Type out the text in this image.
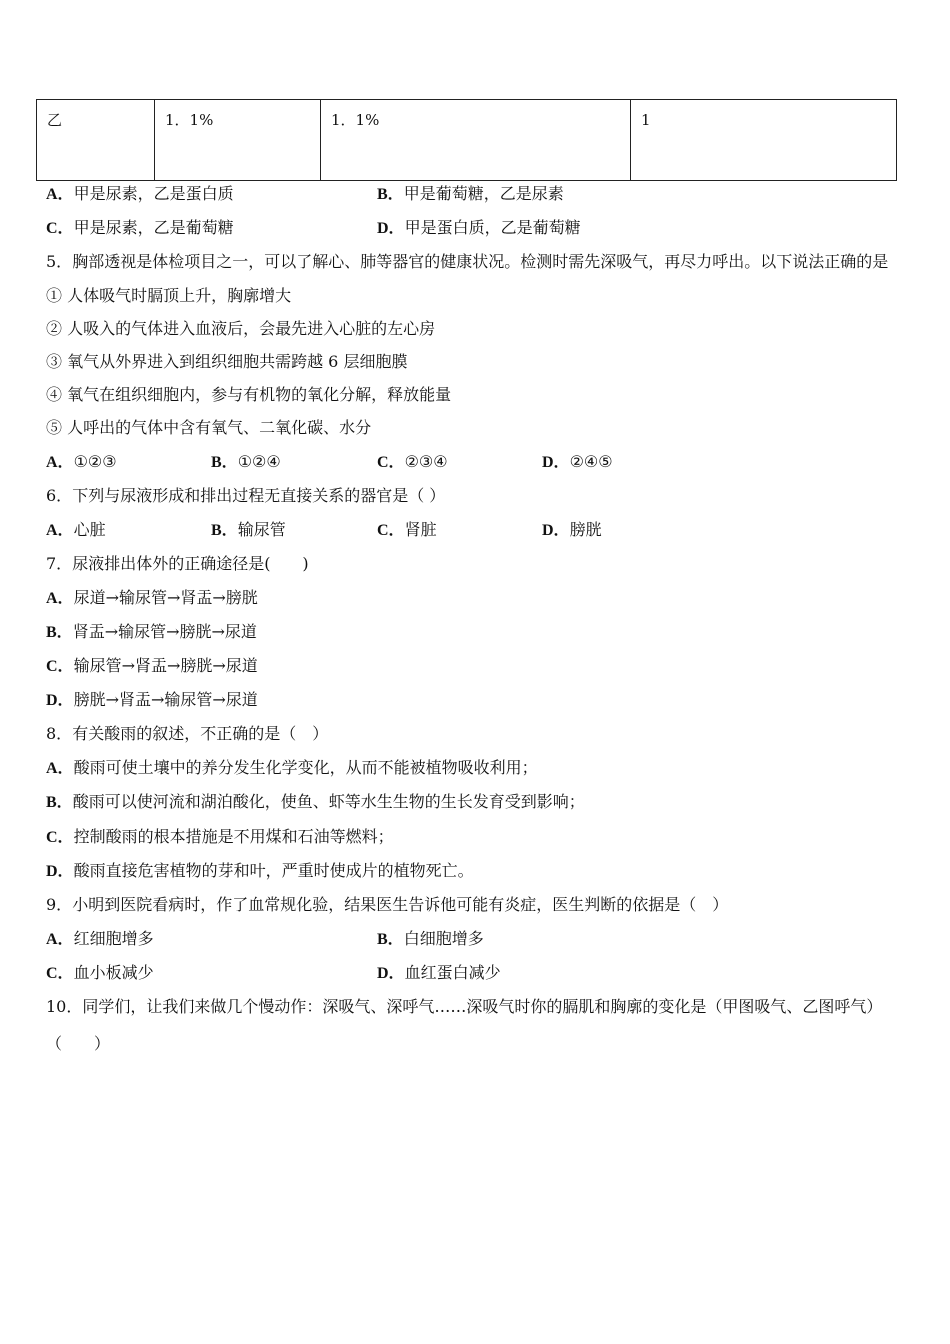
乙	1．1%	1．1%	1
A．甲是尿素，乙是蛋白质	B．甲是葡萄糖，乙是尿素
C．甲是尿素，乙是葡萄糖	D．甲是蛋白质，乙是葡萄糖
5．胸部透视是体检项目之一，可以了解心、肺等器官的健康状况。检测时需先深吸气，再尽力呼出。以下说法正确的是
① 人体吸气时膈顶上升，胸廓增大
② 人吸入的气体进入血液后，会最先进入心脏的左心房
③ 氧气从外界进入到组织细胞共需跨越 6 层细胞膜
④ 氧气在组织细胞内，参与有机物的氧化分解，释放能量
⑤ 人呼出的气体中含有氧气、二氧化碳、水分
A．①②③	B．①②④	C．②③④	D．②④⑤
6．下列与尿液形成和排出过程无直接关系的器官是（ ）
A．心脏	B．输尿管	C．肾脏	D．膀胱
7．尿液排出体外的正确途径是(　　)
A．尿道→输尿管→肾盂→膀胱
B．肾盂→输尿管→膀胱→尿道
C．输尿管→肾盂→膀胱→尿道
D．膀胱→肾盂→输尿管→尿道
8．有关酸雨的叙述，不正确的是（　）
A．酸雨可使土壤中的养分发生化学变化，从而不能被植物吸收利用；
B．酸雨可以使河流和湖泊酸化，使鱼、虾等水生生物的生长发育受到影响；
C．控制酸雨的根本措施是不用煤和石油等燃料；
D．酸雨直接危害植物的芽和叶，严重时使成片的植物死亡。
9．小明到医院看病时，作了血常规化验，结果医生告诉他可能有炎症，医生判断的依据是（　）
A．红细胞增多	B．白细胞增多
C．血小板减少	D．血红蛋白减少
10．同学们，让我们来做几个慢动作：深吸气、深呼气……深吸气时你的膈肌和胸廓的变化是（甲图吸气、乙图呼气）
（　　）
